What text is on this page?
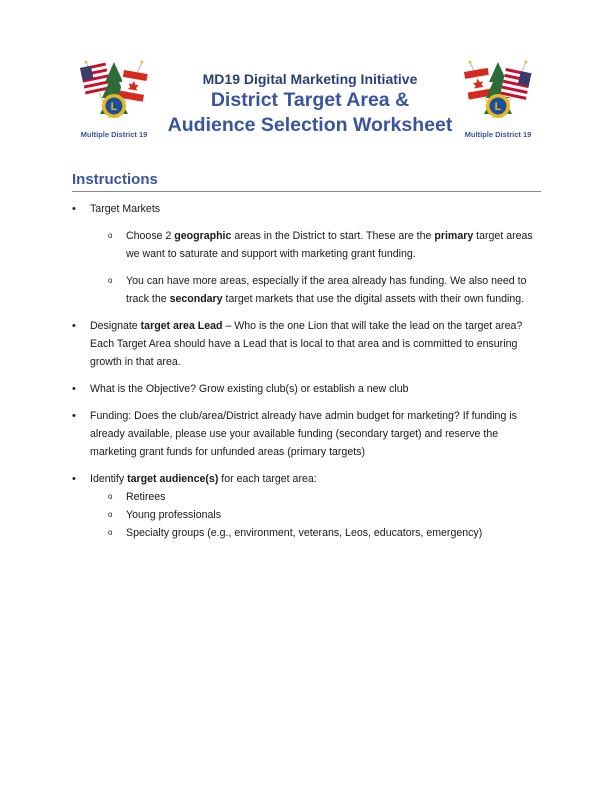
L
Multiple District 19
MD19 Digital Marketing Initiative
District Target Area &
Audience Selection Worksheet
L
Multiple District 19
Instructions

• Target Markets

o Choose 2 geographic areas in the District to start. These are the primary target areas we want to saturate and support with marketing grant funding.

o You can have more areas, especially if the area already has funding. We also need to track the secondary target markets that use the digital assets with their own funding.

• Designate target area Lead – Who is the one Lion that will take the lead on the target area? Each Target Area should have a Lead that is local to that area and is committed to ensuring growth in that area.

• What is the Objective? Grow existing club(s) or establish a new club

• Funding: Does the club/area/District already have admin budget for marketing? If funding is already available, please use your available funding (secondary target) and reserve the marketing grant funds for unfunded areas (primary targets)

• Identify target audience(s) for each target area:

o Retirees

o Young professionals

o Specialty groups (e.g., environment, veterans, Leos, educators, emergency)
